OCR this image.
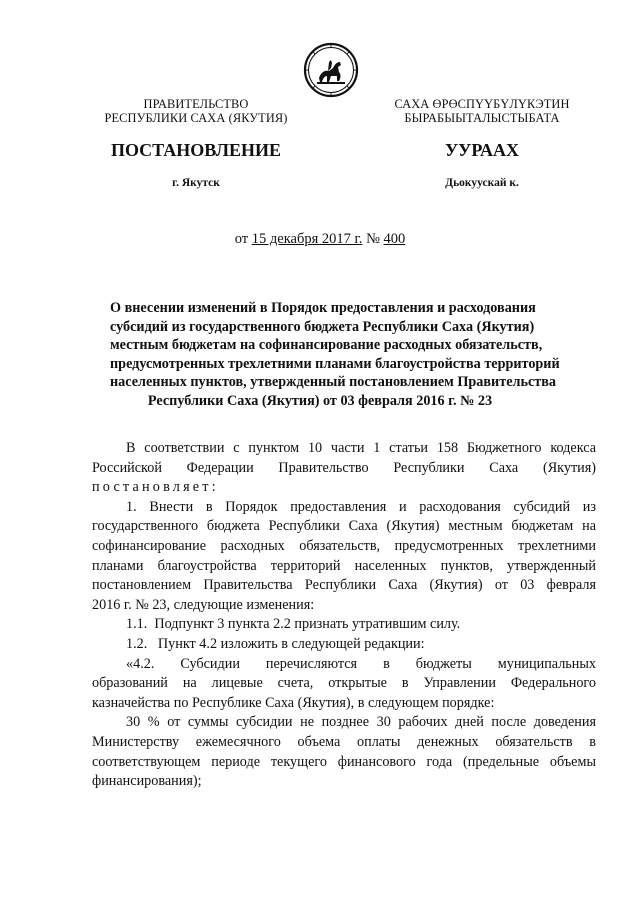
ПРАВИТЕЛЬСТВО
РЕСПУБЛИКИ САХА (ЯКУТИЯ)
САХА ӨРӨСПҮҮБҮЛҮКЭТИН
БЫРАБЫЫТАЛЫСТЫБАТА
ПОСТАНОВЛЕНИЕ	УУРААХ
г. Якутск	Дьокуускай к.
от 15 декабря 2017 г. № 400
О внесении изменений в Порядок предоставления и расходования
субсидий из государственного бюджета Республики Саха (Якутия)
местным бюджетам на софинансирование расходных обязательств,
предусмотренных трехлетними планами благоустройства территорий
населенных пунктов, утвержденный постановлением Правительства
Республики Саха (Якутия) от 03 февраля 2016 г. № 23
В соответствии с пунктом 10 части 1 статьи 158 Бюджетного кодекса
Российской Федерации Правительство Республики Саха (Якутия)
постановляет:
1. Внести в Порядок предоставления и расходования субсидий из
государственного бюджета Республики Саха (Якутия) местным бюджетам на
софинансирование расходных обязательств, предусмотренных трехлетними
планами благоустройства территорий населенных пунктов, утвержденный
постановлением Правительства Республики Саха (Якутия) от 03 февраля
2016 г. № 23, следующие изменения:
1.1.  Подпункт 3 пункта 2.2 признать утратившим силу.
1.2.   Пункт 4.2 изложить в следующей редакции:
«4.2. Субсидии перечисляются в бюджеты муниципальных
образований на лицевые счета, открытые в Управлении Федерального
казначейства по Республике Саха (Якутия), в следующем порядке:
30 % от суммы субсидии не позднее 30 рабочих дней после доведения
Министерству ежемесячного объема оплаты денежных обязательств в
соответствующем периоде текущего финансового года (предельные объемы
финансирования);
